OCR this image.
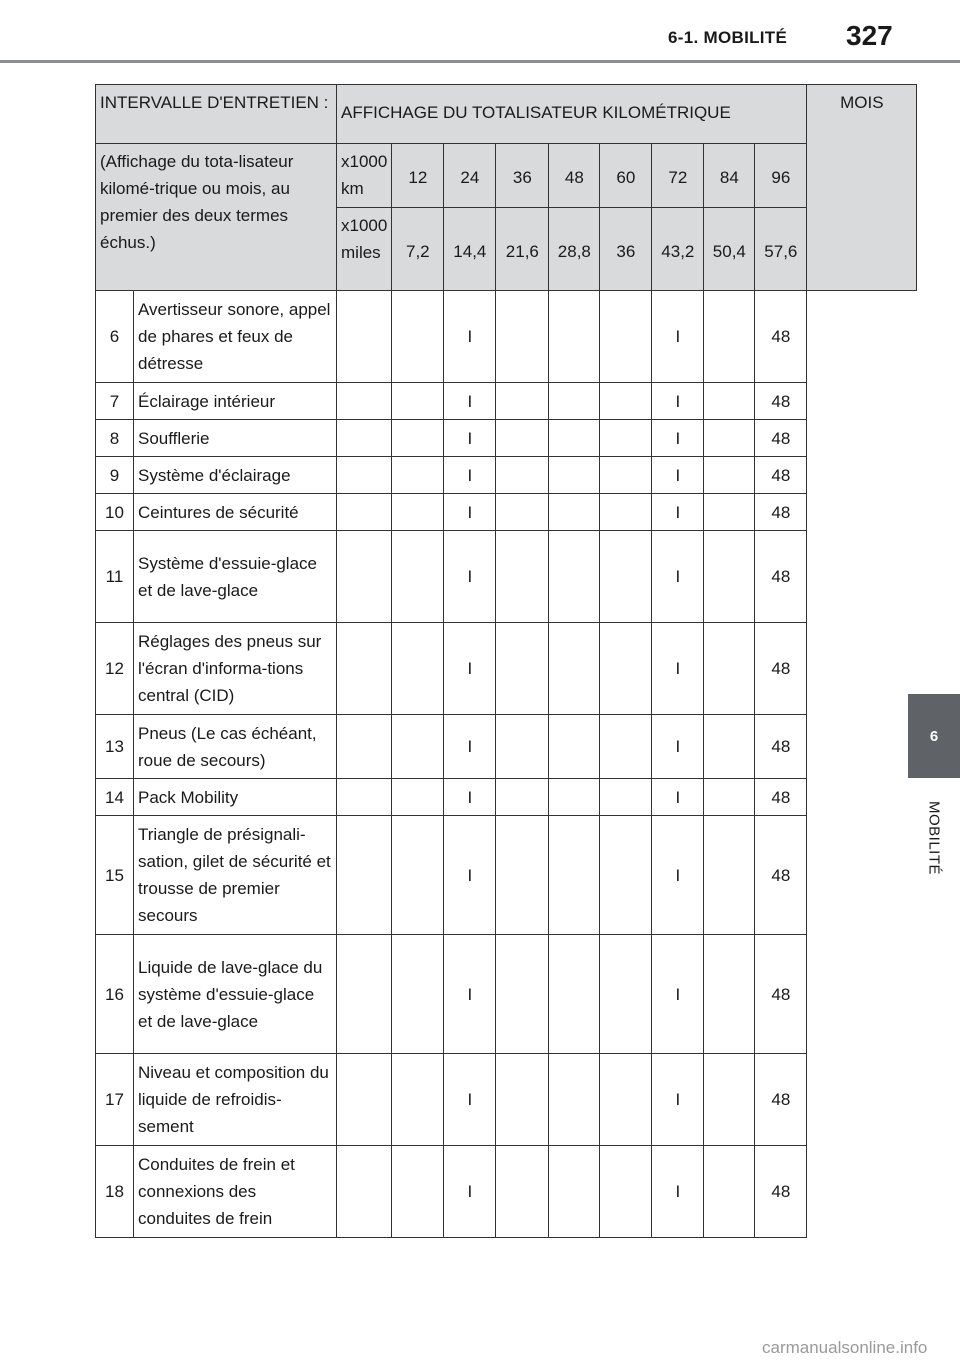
6-1. MOBILITÉ 327
6
MOBILITÉ
INTERVALLE D'ENTRETIEN :		AFFICHAGE DU TOTALISATEUR KILOMÉTRIQUE									MOIS
(Affichage du tota-lisateur kilomé-trique ou mois, au premier des deux termes échus.)		x1000 km	12	24	36	48	60	72	84	96	
		x1000 miles	7,2	14,4	21,6	28,8	36	43,2	50,4	57,6	
6	Avertisseur sonore, appel de phares et feux de détresse			I				I		48	
7	Éclairage intérieur			I				I		48	
8	Soufflerie			I				I		48	
9	Système d'éclairage			I				I		48	
10	Ceintures de sécurité			I				I		48	
11	Système d'essuie-glace et de lave-glace			I				I		48	
12	Réglages des pneus sur l'écran d'informa-tions central (CID)			I				I		48	
13	Pneus (Le cas échéant, roue de secours)			I				I		48	
14	Pack Mobility			I				I		48	
15	Triangle de présignali-sation, gilet de sécurité et trousse de premier secours			I				I		48	
16	Liquide de lave-glace du système d'essuie-glace et de lave-glace			I				I		48	
17	Niveau et composition du liquide de refroidis-sement			I				I		48	
18	Conduites de frein et connexions des conduites de frein			I				I		48	
carmanualsonline.info
